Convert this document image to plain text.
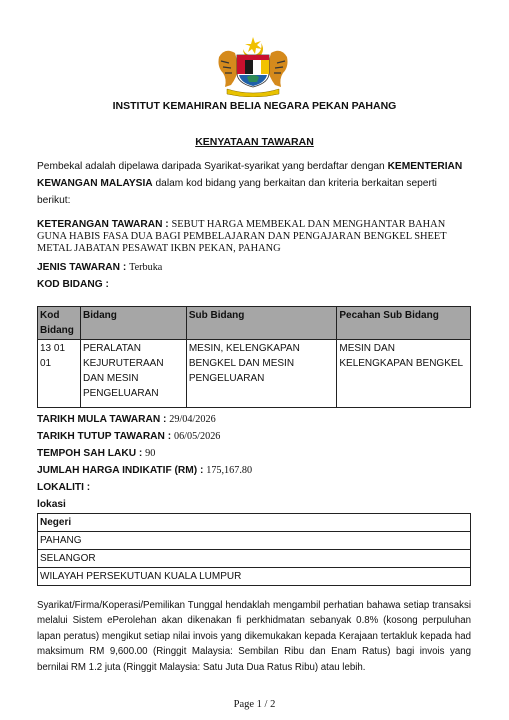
INSTITUT KEMAHIRAN BELIA NEGARA PEKAN PAHANG
KENYATAAN TAWARAN
Pembekal adalah dipelawa daripada Syarikat-syarikat yang berdaftar dengan KEMENTERIAN KEWANGAN MALAYSIA dalam kod bidang yang berkaitan dan kriteria berkaitan seperti berikut:
KETERANGAN TAWARAN : SEBUT HARGA MEMBEKAL DAN MENGHANTAR BAHAN GUNA HABIS FASA DUA BAGI PEMBELAJARAN DAN PENGAJARAN BENGKEL SHEET METAL JABATAN PESAWAT IKBN PEKAN, PAHANG
JENIS TAWARAN : Terbuka
KOD BIDANG :
Kod Bidang	Bidang	Sub Bidang	Pecahan Sub Bidang
13 01 01	PERALATAN KEJURUTERAAN DAN MESIN PENGELUARAN	MESIN, KELENGKAPAN BENGKEL DAN MESIN PENGELUARAN	MESIN DAN KELENGKAPAN BENGKEL
TARIKH MULA TAWARAN : 29/04/2026
TARIKH TUTUP TAWARAN : 06/05/2026
TEMPOH SAH LAKU : 90
JUMLAH HARGA INDIKATIF (RM) : 175,167.80
LOKALITI :
lokasi
Negeri
PAHANG
SELANGOR
WILAYAH PERSEKUTUAN KUALA LUMPUR
Syarikat/Firma/Koperasi/Pemilikan Tunggal hendaklah mengambil perhatian bahawa setiap transaksi melalui Sistem ePerolehan akan dikenakan fi perkhidmatan sebanyak 0.8% (kosong perpuluhan lapan peratus) mengikut setiap nilai invois yang dikemukakan kepada Kerajaan tertakluk kepada had maksimum RM 9,600.00 (Ringgit Malaysia: Sembilan Ribu dan Enam Ratus) bagi invois yang bernilai RM 1.2 juta (Ringgit Malaysia: Satu Juta Dua Ratus Ribu) atau lebih.
Page 1 / 2
